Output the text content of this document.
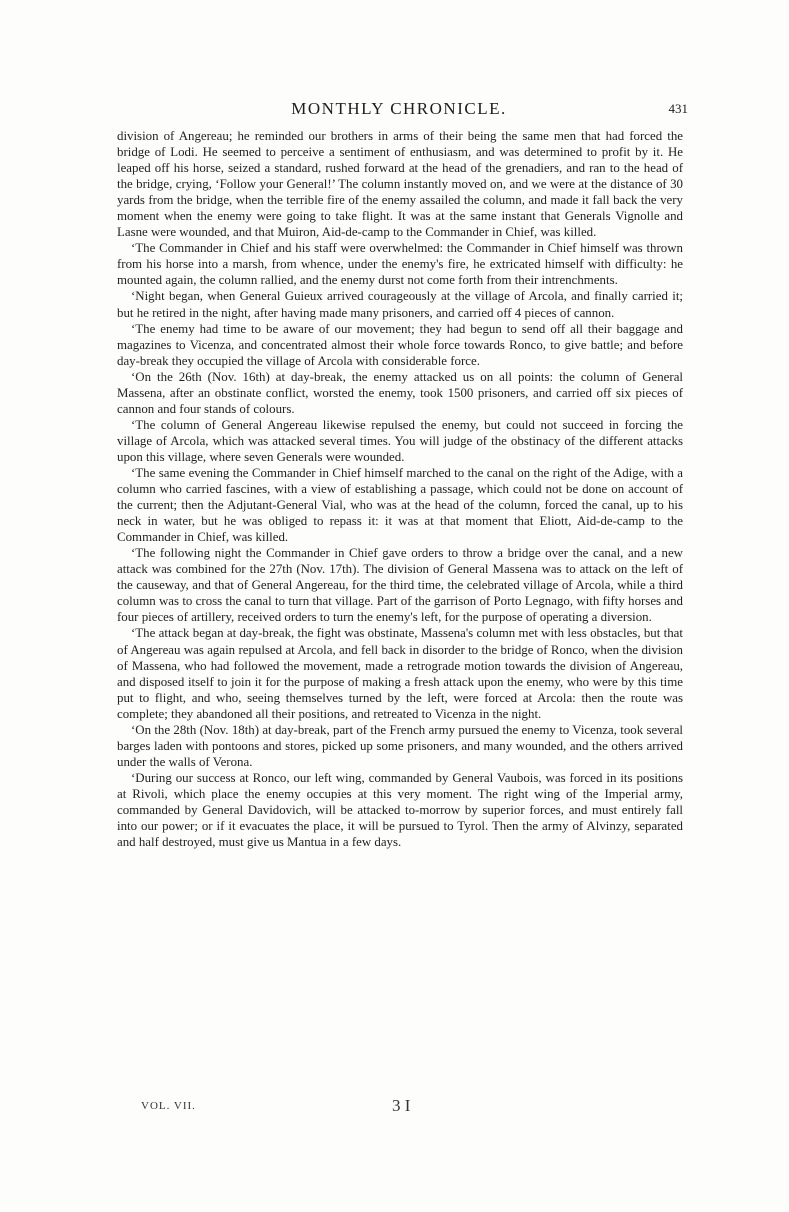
MONTHLY CHRONICLE.	431

division of Angereau; he reminded our brothers in arms of their being the same men that had forced the bridge of Lodi. He seemed to perceive a sentiment of enthusiasm, and was determined to profit by it. He leaped off his horse, seized a standard, rushed forward at the head of the grenadiers, and ran to the head of the bridge, crying, ‘Follow your General!’ The column instantly moved on, and we were at the distance of 30 yards from the bridge, when the terrible fire of the enemy assailed the column, and made it fall back the very moment when the enemy were going to take flight. It was at the same instant that Generals Vignolle and Lasne were wounded, and that Muiron, Aid-de-camp to the Commander in Chief, was killed.

‘The Commander in Chief and his staff were overwhelmed: the Commander in Chief himself was thrown from his horse into a marsh, from whence, under the enemy's fire, he extricated himself with difficulty: he mounted again, the column rallied, and the enemy durst not come forth from their intrenchments.

‘Night began, when General Guieux arrived courageously at the village of Arcola, and finally carried it; but he retired in the night, after having made many prisoners, and carried off 4 pieces of cannon.

‘The enemy had time to be aware of our movement; they had begun to send off all their baggage and magazines to Vicenza, and concentrated almost their whole force towards Ronco, to give battle; and before day-break they occupied the village of Arcola with considerable force.

‘On the 26th (Nov. 16th) at day-break, the enemy attacked us on all points: the column of General Massena, after an obstinate conflict, worsted the enemy, took 1500 prisoners, and carried off six pieces of cannon and four stands of colours.

‘The column of General Angereau likewise repulsed the enemy, but could not succeed in forcing the village of Arcola, which was attacked several times. You will judge of the obstinacy of the different attacks upon this village, where seven Generals were wounded.

‘The same evening the Commander in Chief himself marched to the canal on the right of the Adige, with a column who carried fascines, with a view of establishing a passage, which could not be done on account of the current; then the Adjutant-General Vial, who was at the head of the column, forced the canal, up to his neck in water, but he was obliged to repass it: it was at that moment that Eliott, Aid-de-camp to the Commander in Chief, was killed.

‘The following night the Commander in Chief gave orders to throw a bridge over the canal, and a new attack was combined for the 27th (Nov. 17th). The division of General Massena was to attack on the left of the causeway, and that of General Angereau, for the third time, the celebrated village of Arcola, while a third column was to cross the canal to turn that village. Part of the garrison of Porto Legnago, with fifty horses and four pieces of artillery, received orders to turn the enemy's left, for the purpose of operating a diversion.

‘The attack began at day-break, the fight was obstinate, Massena's column met with less obstacles, but that of Angereau was again repulsed at Arcola, and fell back in disorder to the bridge of Ronco, when the division of Massena, who had followed the movement, made a retrograde motion towards the division of Angereau, and disposed itself to join it for the purpose of making a fresh attack upon the enemy, who were by this time put to flight, and who, seeing themselves turned by the left, were forced at Arcola: then the route was complete; they abandoned all their positions, and retreated to Vicenza in the night.

‘On the 28th (Nov. 18th) at day-break, part of the French army pursued the enemy to Vicenza, took several barges laden with pontoons and stores, picked up some prisoners, and many wounded, and the others arrived under the walls of Verona.

‘During our success at Ronco, our left wing, commanded by General Vaubois, was forced in its positions at Rivoli, which place the enemy occupies at this very moment. The right wing of the Imperial army, commanded by General Davidovich, will be attacked to-morrow by superior forces, and must entirely fall into our power; or if it evacuates the place, it will be pursued to Tyrol. Then the army of Alvinzy, separated and half destroyed, must give us Mantua in a few days.

VOL. VII.	3 I
